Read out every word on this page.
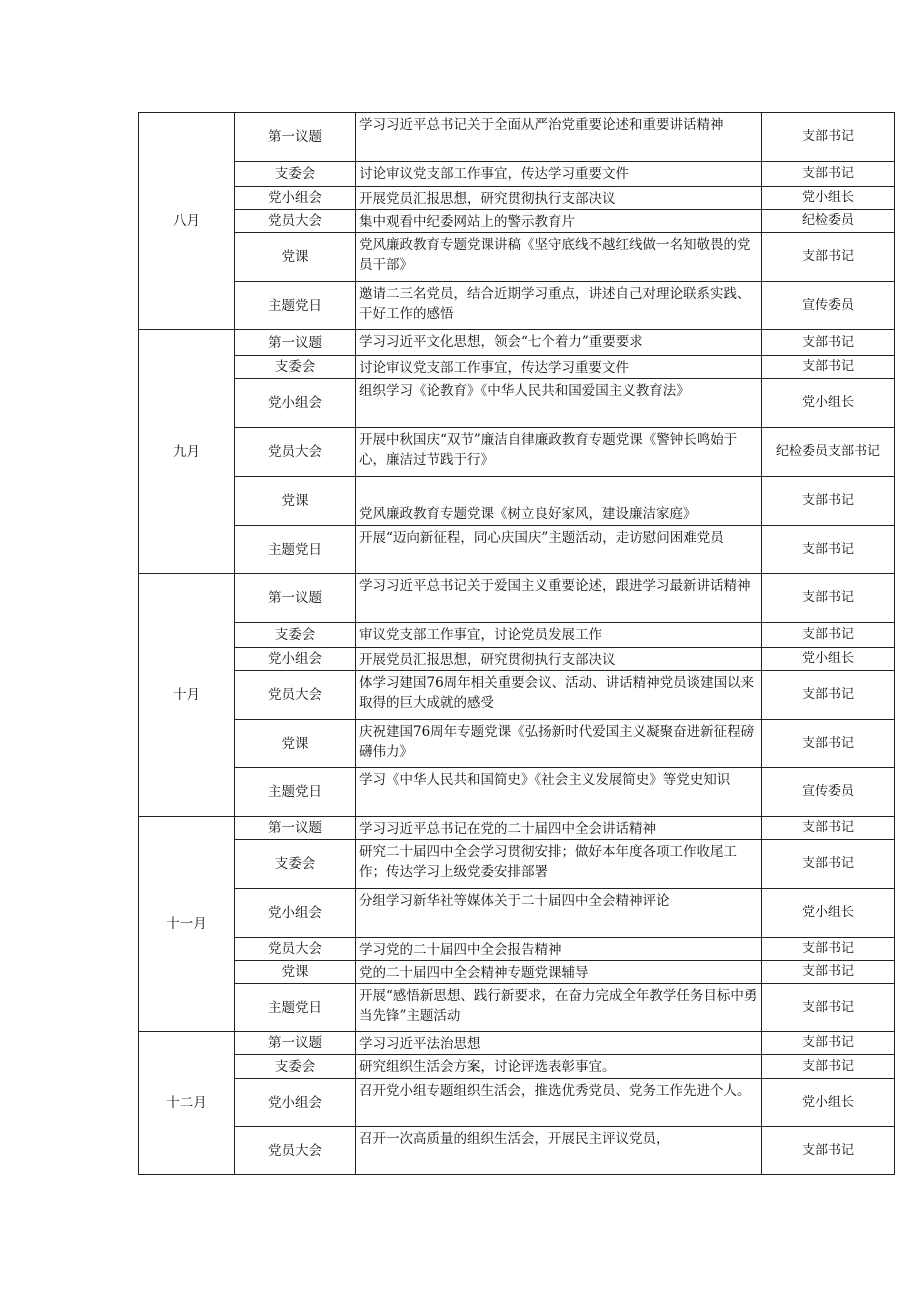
八月	第一议题	学习习近平总书记关于全面从严治党重要论述和重要讲话精神	支部书记
	支委会	讨论审议党支部工作事宜，传达学习重要文件	支部书记
	党小组会	开展党员汇报思想，研究贯彻执行支部决议	党小组长
	党员大会	集中观看中纪委网站上的警示教育片	纪检委员
	党课	党风廉政教育专题党课讲稿《坚守底线不越红线做一名知敬畏的党员干部》	支部书记
	主题党日	邀请二三名党员，结合近期学习重点，讲述自己对理论联系实践、干好工作的感悟	宣传委员
九月	第一议题	学习习近平文化思想，领会“七个着力”重要要求	支部书记
	支委会	讨论审议党支部工作事宜，传达学习重要文件	支部书记
	党小组会	组织学习《论教育》《中华人民共和国爱国主义教育法》	党小组长
	党员大会	开展中秋国庆“双节”廉洁自律廉政教育专题党课《警钟长鸣始于心，廉洁过节践于行》	纪检委员支部书记
	党课	党风廉政教育专题党课《树立良好家风，建设廉洁家庭》	支部书记
	主题党日	开展“迈向新征程，同心庆国庆”主题活动，走访慰问困难党员	支部书记
十月	第一议题	学习习近平总书记关于爱国主义重要论述，跟进学习最新讲话精神	支部书记
	支委会	审议党支部工作事宜，讨论党员发展工作	支部书记
	党小组会	开展党员汇报思想，研究贯彻执行支部决议	党小组长
	党员大会	体学习建国76周年相关重要会议、活动、讲话精神党员谈建国以来取得的巨大成就的感受	支部书记
	党课	庆祝建国76周年专题党课《弘扬新时代爱国主义凝聚奋进新征程磅礴伟力》	支部书记
	主题党日	学习《中华人民共和国简史》《社会主义发展简史》等党史知识	宣传委员
十一月	第一议题	学习习近平总书记在党的二十届四中全会讲话精神	支部书记
	支委会	研究二十届四中全会学习贯彻安排；做好本年度各项工作收尾工作；传达学习上级党委安排部署	支部书记
	党小组会	分组学习新华社等媒体关于二十届四中全会精神评论	党小组长
	党员大会	学习党的二十届四中全会报告精神	支部书记
	党课	党的二十届四中全会精神专题党课辅导	支部书记
	主题党日	开展“感悟新思想、践行新要求，在奋力完成全年教学任务目标中勇当先锋”主题活动	支部书记
十二月	第一议题	学习习近平法治思想	支部书记
	支委会	研究组织生活会方案，讨论评选表彰事宜。	支部书记
	党小组会	召开党小组专题组织生活会，推选优秀党员、党务工作先进个人。	党小组长
	党员大会	召开一次高质量的组织生活会，开展民主评议党员，	支部书记
